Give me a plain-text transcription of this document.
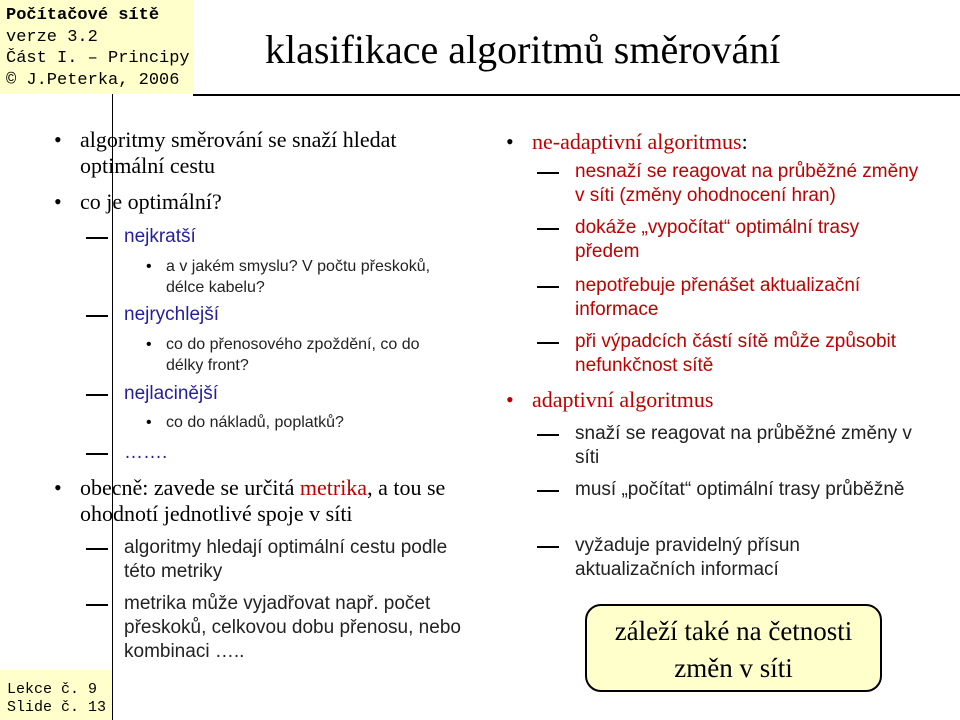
Počítačové sítě
verze 3.2
Část I. – Principy
© J.Peterka, 2006
klasifikace algoritmů směrování
Lekce č. 9
Slide č. 13
• algoritmy směrování se snaží hledat optimální cestu
• co je optimální?
nejkratší
• a v jakém smyslu? V počtu přeskoků, délce kabelu?
nejrychlejší
• co do přenosového zpoždění, co do délky front?
nejlacinější
• co do nákladů, poplatků?
…….
• obecně: zavede se určitá metrika, a tou se ohodnotí jednotlivé spoje v síti
algoritmy hledají optimální cestu podle této metriky
metrika může vyjadřovat např. počet přeskoků, celkovou dobu přenosu, nebo kombinaci …..
• ne-adaptivní algoritmus:
nesnaží se reagovat na průběžné změny v síti (změny ohodnocení hran)
dokáže „vypočítat“ optimální trasy předem
nepotřebuje přenášet aktualizační informace
při výpadcích částí sítě může způsobit nefunkčnost sítě
• adaptivní algoritmus
snaží se reagovat na průběžné změny v síti
musí „počítat“ optimální trasy průběžně
vyžaduje pravidelný přísun aktualizačních informací
záleží také na četnosti změn v síti
